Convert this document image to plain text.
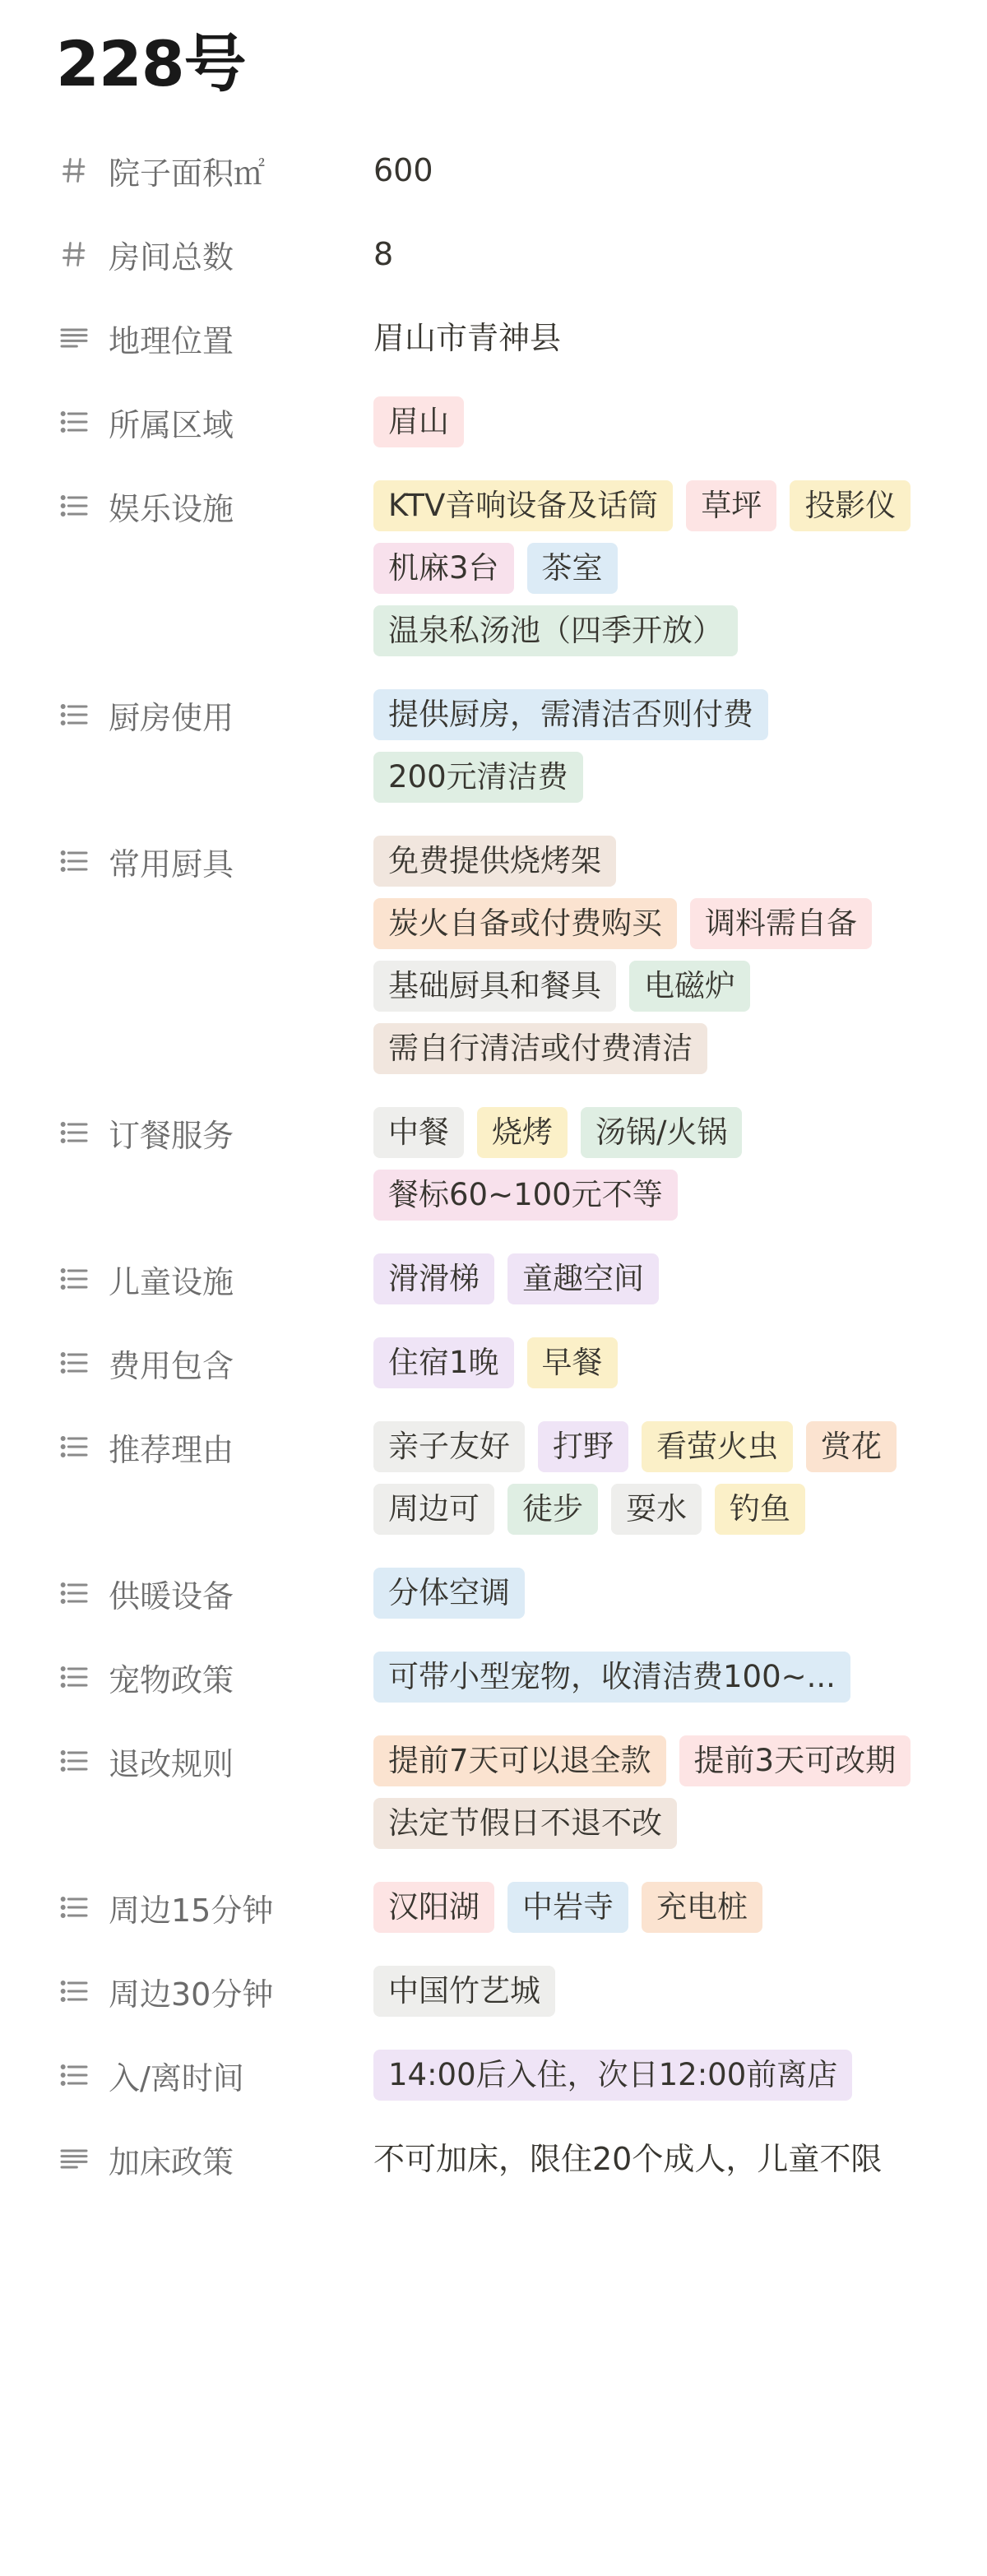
228号
院子面积㎡	600
房间总数	8
地理位置	眉山市青神县
所属区域	眉山
娱乐设施	KTV音响设备及话筒	草坪	投影仪
机麻3台	茶室
温泉私汤池（四季开放）
厨房使用	提供厨房，需清洁否则付费
200元清洁费
常用厨具	免费提供烧烤架
炭火自备或付费购买	调料需自备
基础厨具和餐具	电磁炉
需自行清洁或付费清洁
订餐服务	中餐	烧烤	汤锅/火锅
餐标60~100元不等
儿童设施	滑滑梯	童趣空间
费用包含	住宿1晚	早餐
推荐理由	亲子友好	打野	看萤火虫	赏花
周边可	徒步	耍水	钓鱼
供暖设备	分体空调
宠物政策	可带小型宠物，收清洁费100~...
退改规则	提前7天可以退全款	提前3天可改期
法定节假日不退不改
周边15分钟	汉阳湖	中岩寺	充电桩
周边30分钟	中国竹艺城
入/离时间	14:00后入住，次日12:00前离店
加床政策	不可加床，限住20个成人，儿童不限
